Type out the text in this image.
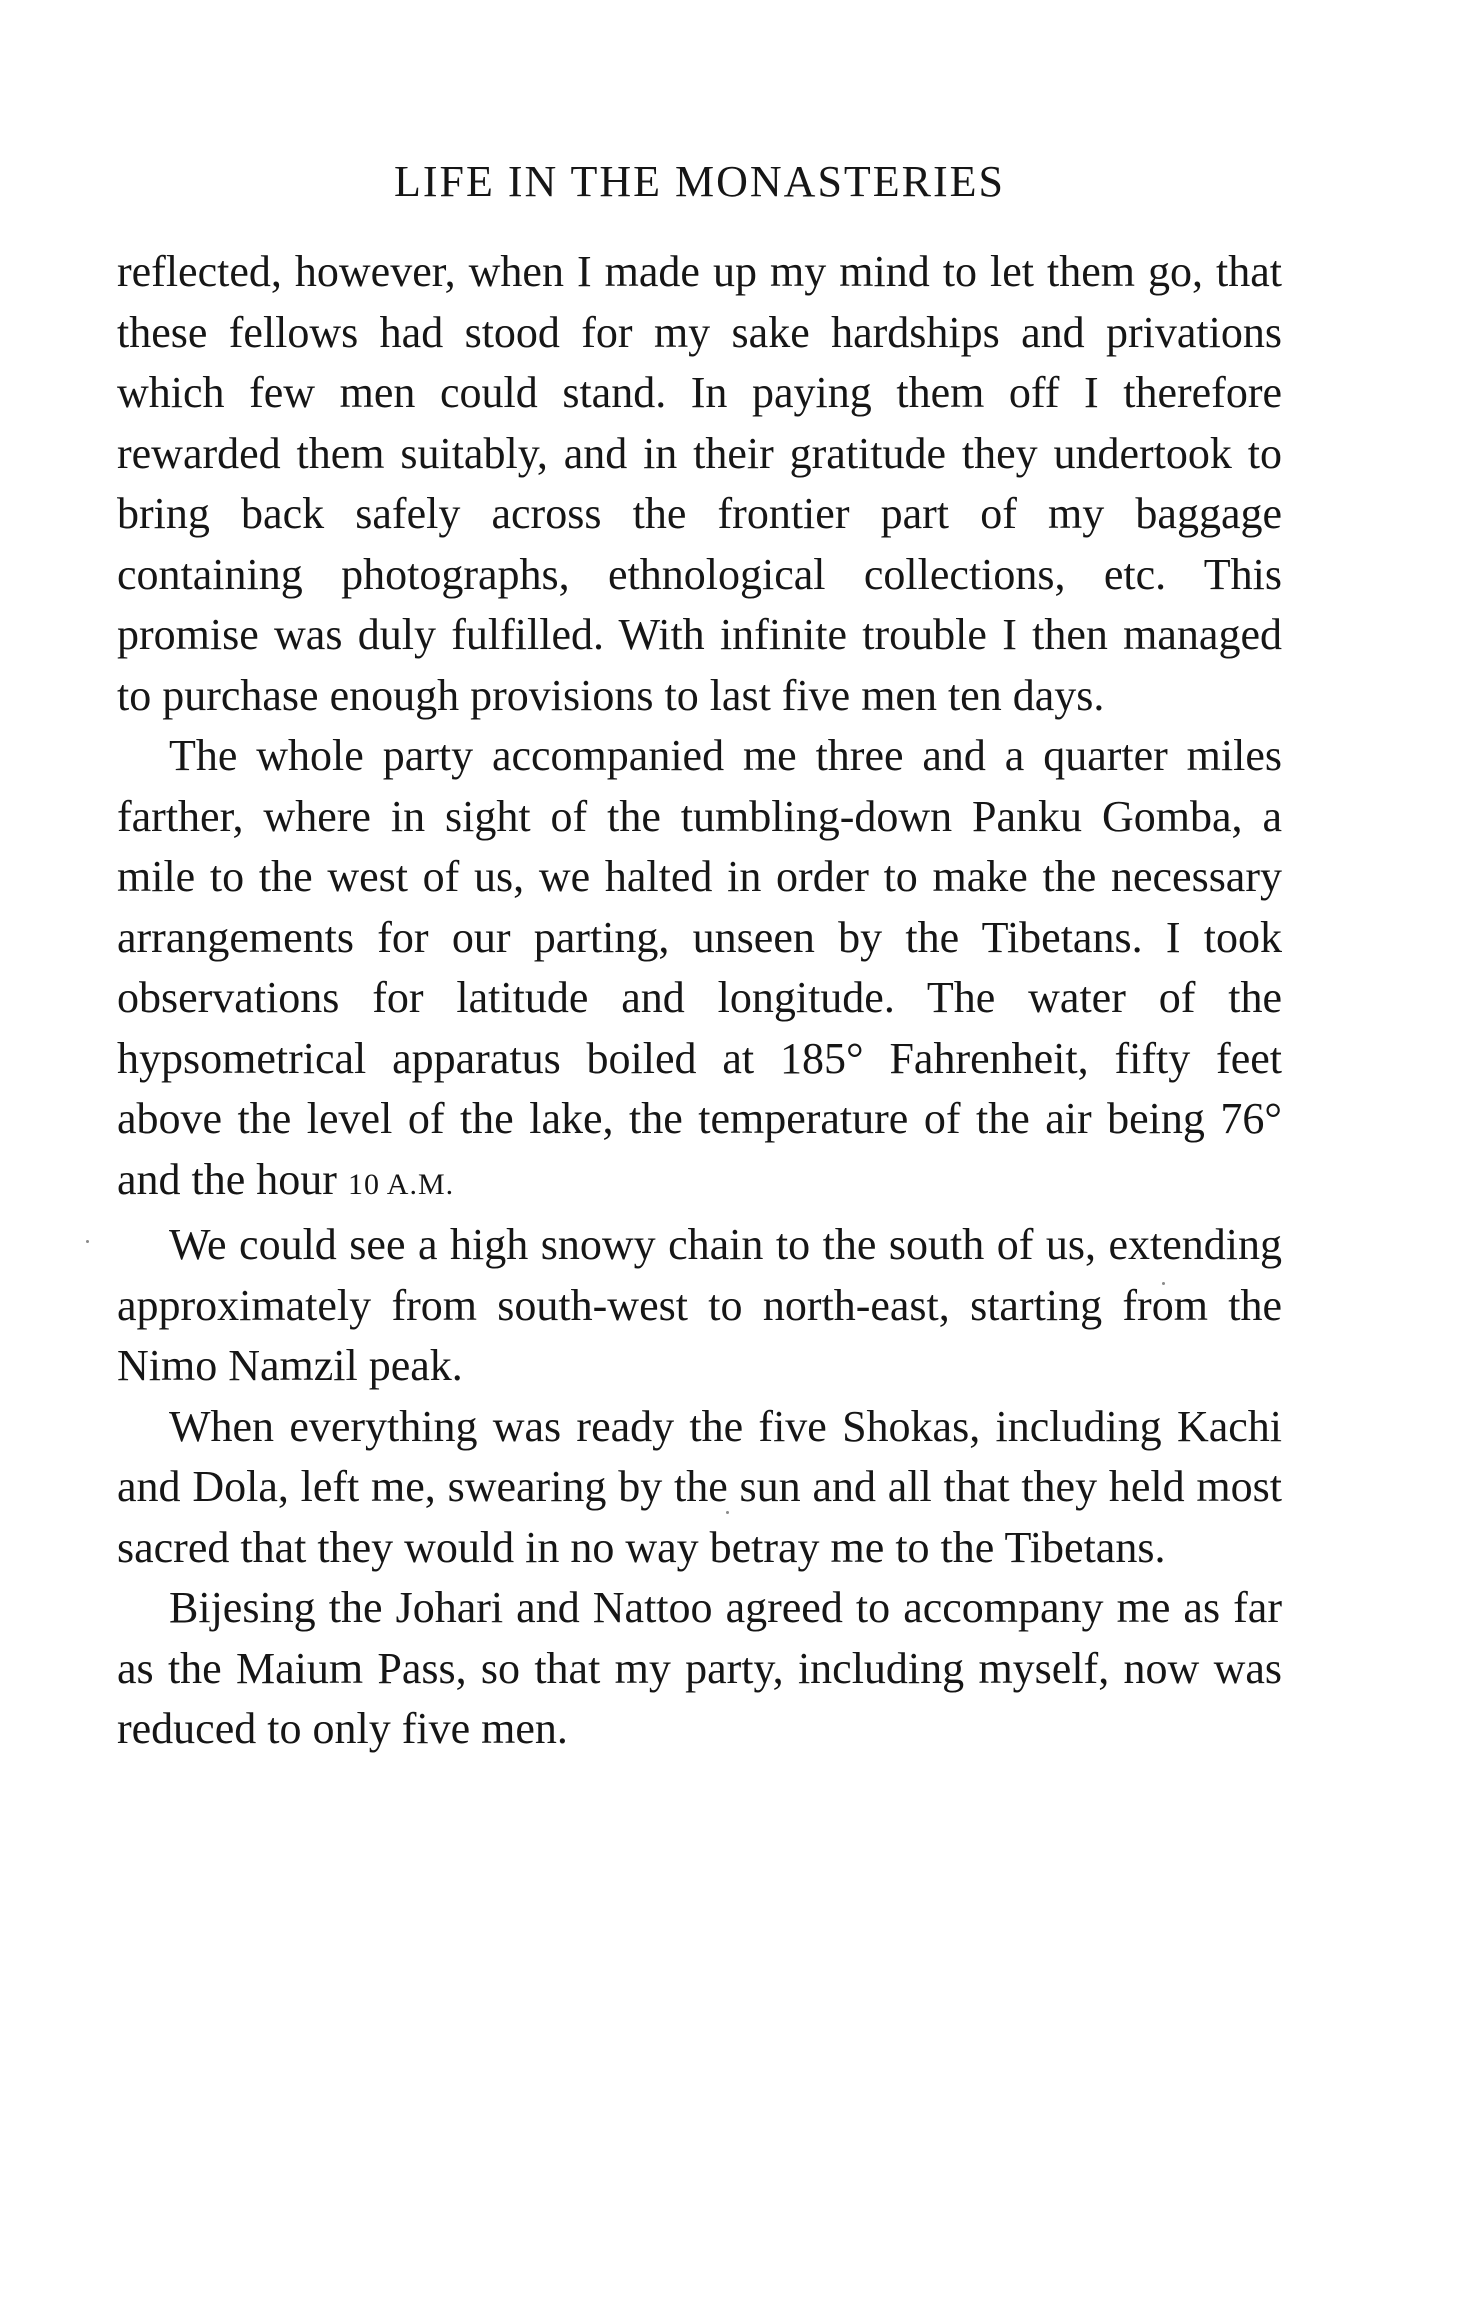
LIFE IN THE MONASTERIES

reflected, however, when I made up my mind to let them go, that these fellows had stood for my sake hardships and privations which few men could stand. In paying them off I therefore rewarded them suitably, and in their gratitude they undertook to bring back safely across the frontier part of my baggage containing photographs, ethnological collections, etc. This promise was duly fulfilled. With infinite trouble I then managed to purchase enough provisions to last five men ten days.

The whole party accompanied me three and a quarter miles farther, where in sight of the tumbling-down Panku Gomba, a mile to the west of us, we halted in order to make the necessary arrangements for our parting, unseen by the Tibetans. I took observations for latitude and longitude. The water of the hypsometrical apparatus boiled at 185° Fahrenheit, fifty feet above the level of the lake, the temperature of the air being 76° and the hour 10 A.M.

We could see a high snowy chain to the south of us, extending approximately from south-west to north-east, starting from the Nimo Namzil peak.

When everything was ready the five Shokas, including Kachi and Dola, left me, swearing by the sun and all that they held most sacred that they would in no way betray me to the Tibetans.

Bijesing the Johari and Nattoo agreed to accompany me as far as the Maium Pass, so that my party, including myself, now was reduced to only five men.
